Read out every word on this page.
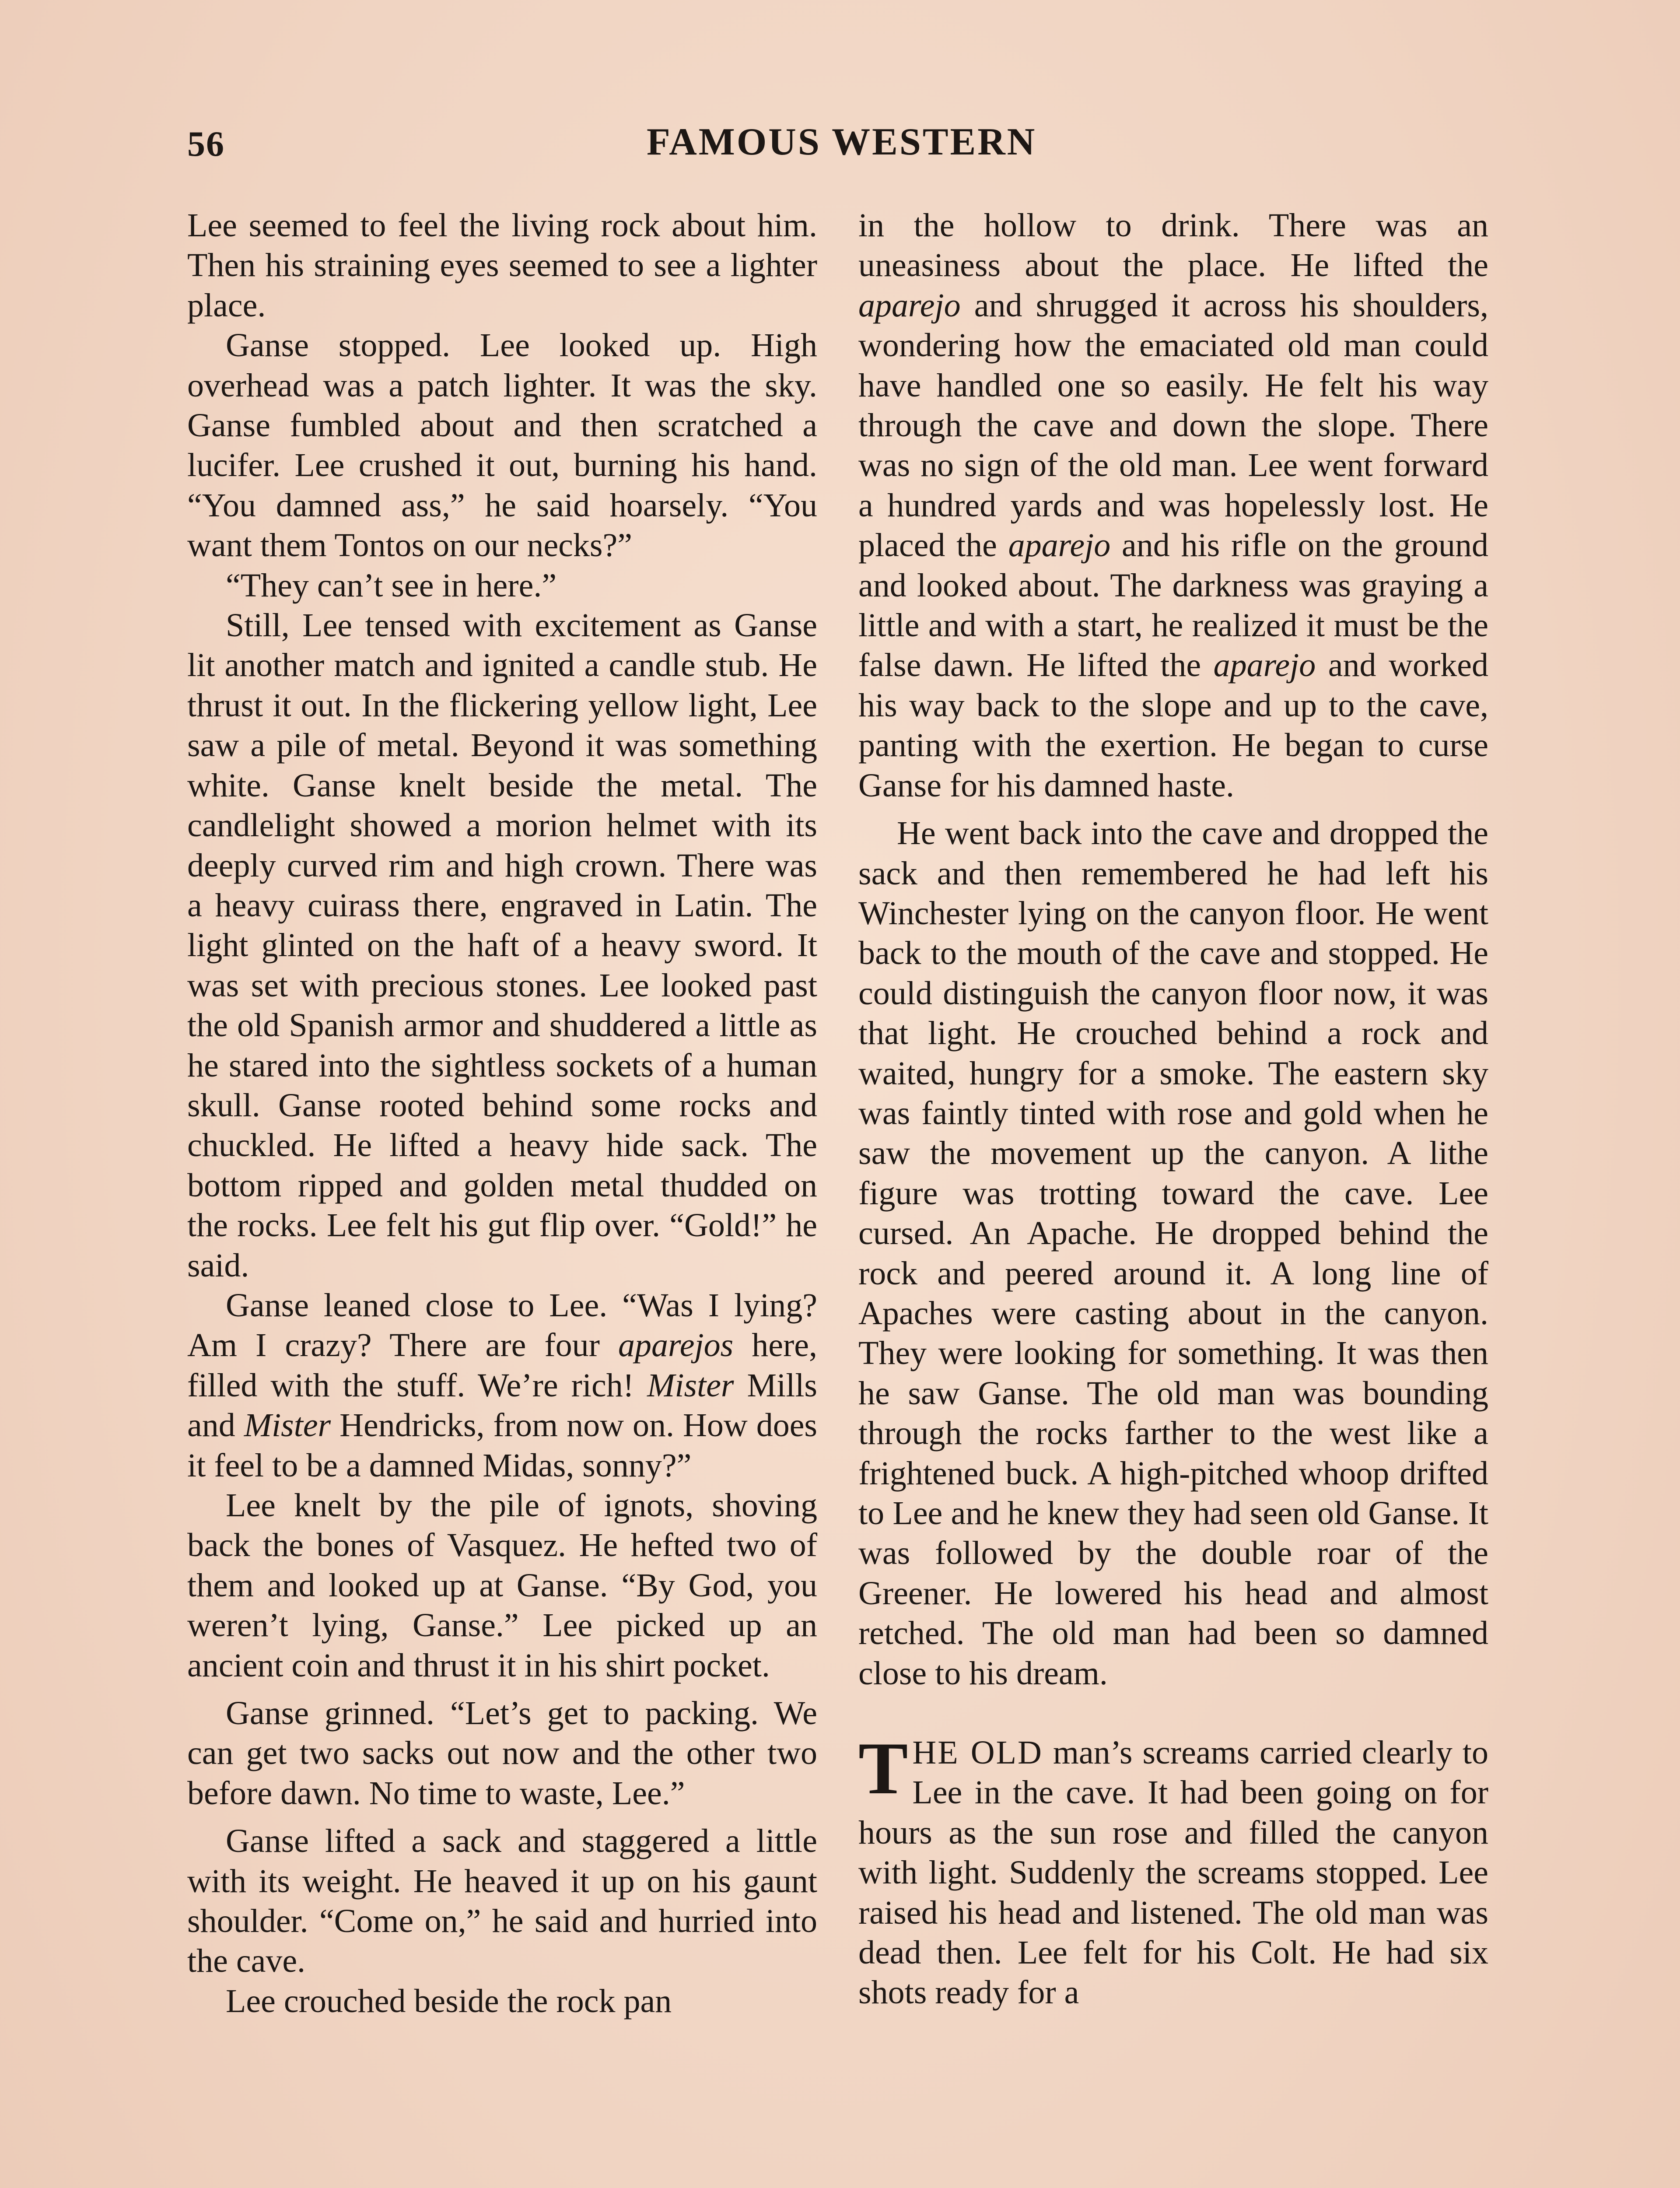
56	FAMOUS WESTERN

Lee seemed to feel the living rock about him. Then his straining eyes seemed to see a lighter place.

Ganse stopped. Lee looked up. High overhead was a patch lighter. It was the sky. Ganse fumbled about and then scratched a lucifer. Lee crushed it out, burning his hand. “You damned ass,” he said hoarsely. “You want them Tontos on our necks?”

“They can’t see in here.”

Still, Lee tensed with excitement as Ganse lit another match and ignited a candle stub. He thrust it out. In the flickering yellow light, Lee saw a pile of metal. Beyond it was something white. Ganse knelt beside the metal. The candlelight showed a morion helmet with its deeply curved rim and high crown. There was a heavy cuirass there, engraved in Latin. The light glinted on the haft of a heavy sword. It was set with precious stones. Lee looked past the old Spanish armor and shuddered a little as he stared into the sightless sockets of a human skull. Ganse rooted behind some rocks and chuckled. He lifted a heavy hide sack. The bottom ripped and golden metal thudded on the rocks. Lee felt his gut flip over. “Gold!” he said.

Ganse leaned close to Lee. “Was I lying? Am I crazy? There are four aparejos here, filled with the stuff. We’re rich! Mister Mills and Mister Hendricks, from now on. How does it feel to be a damned Midas, sonny?”

Lee knelt by the pile of ignots, shoving back the bones of Vasquez. He hefted two of them and looked up at Ganse. “By God, you weren’t lying, Ganse.” Lee picked up an ancient coin and thrust it in his shirt pocket.

Ganse grinned. “Let’s get to packing. We can get two sacks out now and the other two before dawn. No time to waste, Lee.”

Ganse lifted a sack and staggered a little with its weight. He heaved it up on his gaunt shoulder. “Come on,” he said and hurried into the cave.

Lee crouched beside the rock pan

in the hollow to drink. There was an uneasiness about the place. He lifted the aparejo and shrugged it across his shoulders, wondering how the emaciated old man could have handled one so easily. He felt his way through the cave and down the slope. There was no sign of the old man. Lee went forward a hundred yards and was hopelessly lost. He placed the aparejo and his rifle on the ground and looked about. The darkness was graying a little and with a start, he realized it must be the false dawn. He lifted the aparejo and worked his way back to the slope and up to the cave, panting with the exertion. He began to curse Ganse for his damned haste.

He went back into the cave and dropped the sack and then remembered he had left his Winchester lying on the canyon floor. He went back to the mouth of the cave and stopped. He could distinguish the canyon floor now, it was that light. He crouched behind a rock and waited, hungry for a smoke. The eastern sky was faintly tinted with rose and gold when he saw the movement up the canyon. A lithe figure was trotting toward the cave. Lee cursed. An Apache. He dropped behind the rock and peered around it. A long line of Apaches were casting about in the canyon. They were looking for something. It was then he saw Ganse. The old man was bounding through the rocks farther to the west like a frightened buck. A high-pitched whoop drifted to Lee and he knew they had seen old Ganse. It was followed by the double roar of the Greener. He lowered his head and almost retched. The old man had been so damned close to his dream.

THE OLD man’s screams carried clearly to Lee in the cave. It had been going on for hours as the sun rose and filled the canyon with light. Suddenly the screams stopped. Lee raised his head and listened. The old man was dead then. Lee felt for his Colt. He had six shots ready for a
